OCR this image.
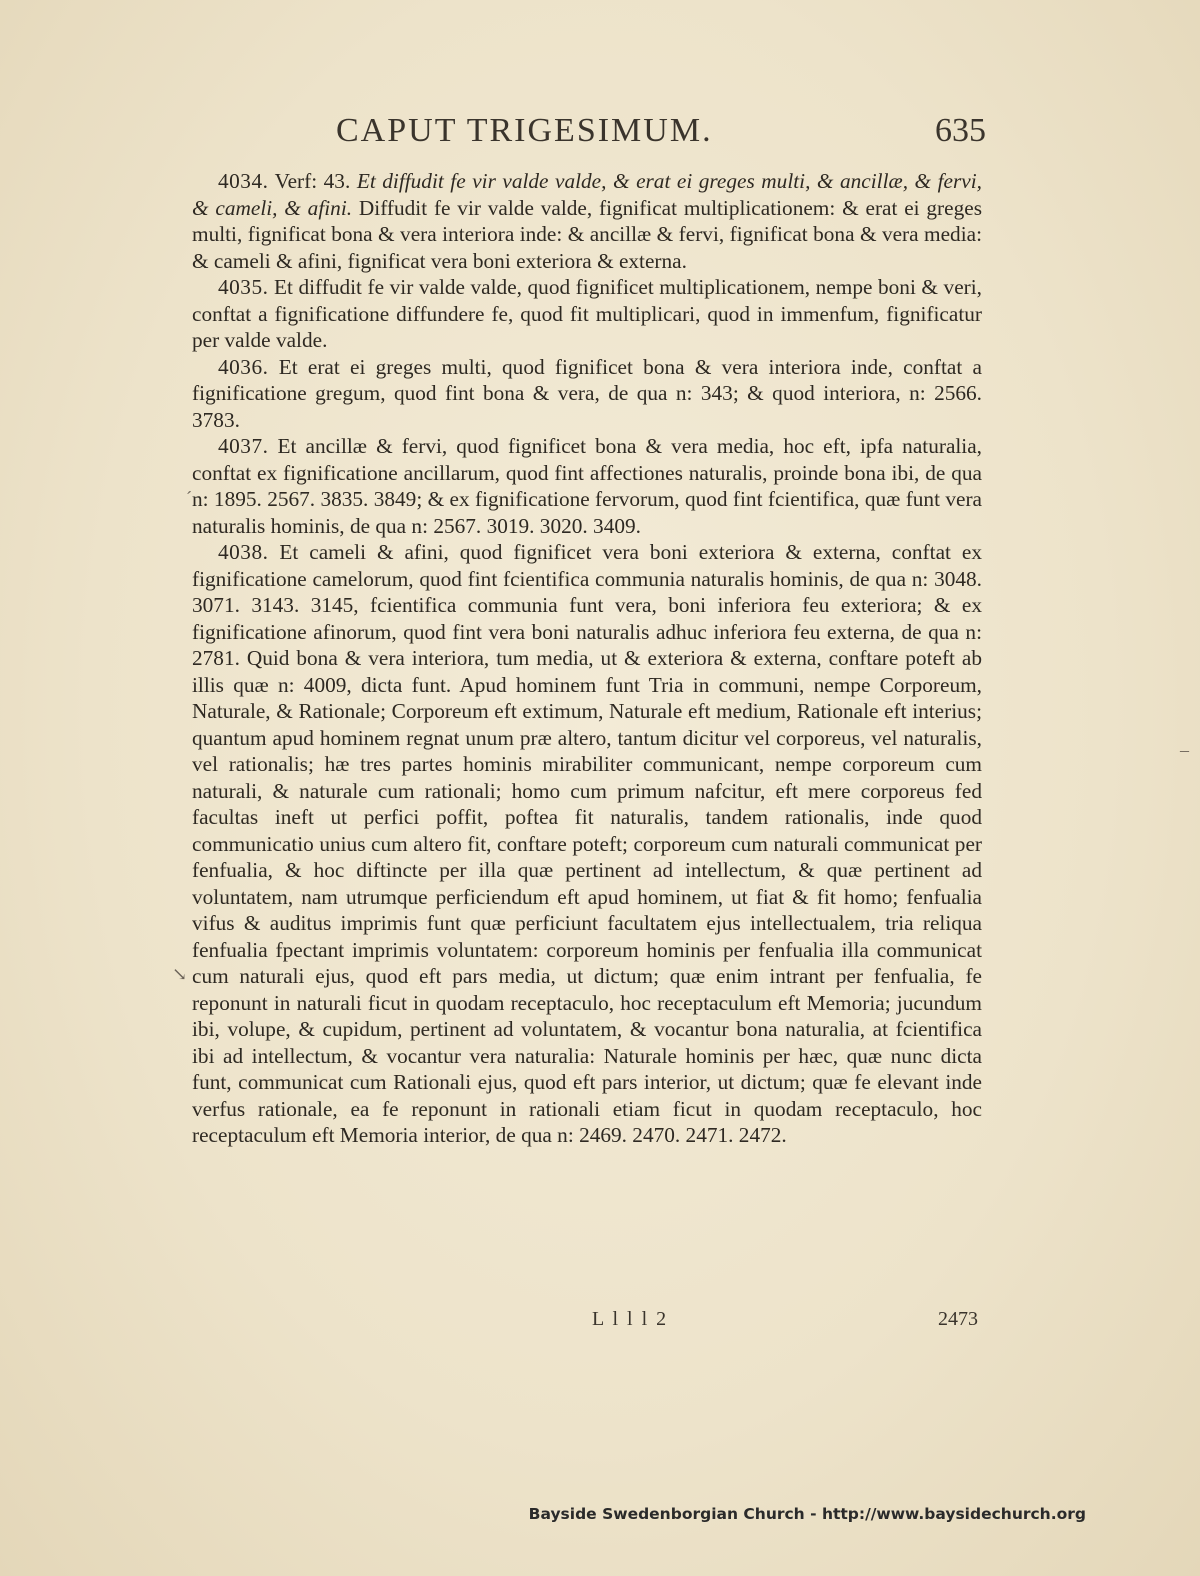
CAPUT TRIGESIMUM.	635

4034. Verf: 43. Et diffudit fe vir valde valde, & erat ei greges multi, & ancillæ, & fervi, & cameli, & afini. Diffudit fe vir valde valde, fignificat multiplicationem: & erat ei greges multi, fignificat bona & vera interiora inde: & ancillæ & fervi, fignificat bona & vera media: & cameli & afini, fignificat vera boni exteriora & externa.

4035. Et diffudit fe vir valde valde, quod fignificet multiplicationem, nempe boni & veri, conftat a fignificatione diffundere fe, quod fit multiplicari, quod in immenfum, fignificatur per valde valde.

4036. Et erat ei greges multi, quod fignificet bona & vera interiora inde, conftat a fignificatione gregum, quod fint bona & vera, de qua n: 343; & quod interiora, n: 2566. 3783.

4037. Et ancillæ & fervi, quod fignificet bona & vera media, hoc eft, ipfa naturalia, conftat ex fignificatione ancillarum, quod fint affectiones naturalis, proinde bona ibi, de qua n: 1895. 2567. 3835. 3849; & ex fignificatione fervorum, quod fint fcientifica, quæ funt vera naturalis hominis, de qua n: 2567. 3019. 3020. 3409.

4038. Et cameli & afini, quod fignificet vera boni exteriora & externa, conftat ex fignificatione camelorum, quod fint fcientifica communia naturalis hominis, de qua n: 3048. 3071. 3143. 3145, fcientifica communia funt vera, boni inferiora feu exteriora; & ex fignificatione afinorum, quod fint vera boni naturalis adhuc inferiora feu externa, de qua n: 2781. Quid bona & vera interiora, tum media, ut & exteriora & externa, conftare poteft ab illis quæ n: 4009, dicta funt. Apud hominem funt Tria in communi, nempe Corporeum, Naturale, & Rationale; Corporeum eft extimum, Naturale eft medium, Rationale eft interius; quantum apud hominem regnat unum præ altero, tantum dicitur vel corporeus, vel naturalis, vel rationalis; hæ tres partes hominis mirabiliter communicant, nempe corporeum cum naturali, & naturale cum rationali; homo cum primum nafcitur, eft mere corporeus fed facultas ineft ut perfici poffit, poftea fit naturalis, tandem rationalis, inde quod communicatio unius cum altero fit, conftare poteft; corporeum cum naturali communicat per fenfualia, & hoc diftincte per illa quæ pertinent ad intellectum, & quæ pertinent ad voluntatem, nam utrumque perficiendum eft apud hominem, ut fiat & fit homo; fenfualia vifus & auditus imprimis funt quæ perficiunt facultatem ejus intellectualem, tria reliqua fenfualia fpectant imprimis voluntatem: corporeum hominis per fenfualia illa communicat cum naturali ejus, quod eft pars media, ut dictum; quæ enim intrant per fenfualia, fe reponunt in naturali ficut in quodam receptaculo, hoc receptaculum eft Memoria; jucundum ibi, volupe, & cupidum, pertinent ad voluntatem, & vocantur bona naturalia, at fcientifica ibi ad intellectum, & vocantur vera naturalia: Naturale hominis per hæc, quæ nunc dicta funt, communicat cum Rationali ejus, quod eft pars interior, ut dictum; quæ fe elevant inde verfus rationale, ea fe reponunt in rationali etiam ficut in quodam receptaculo, hoc receptaculum eft Memoria interior, de qua n: 2469. 2470. 2471. 2472.

L l l l 2	2473
´
↘
–
Bayside Swedenborgian Church - http://www.baysidechurch.org
